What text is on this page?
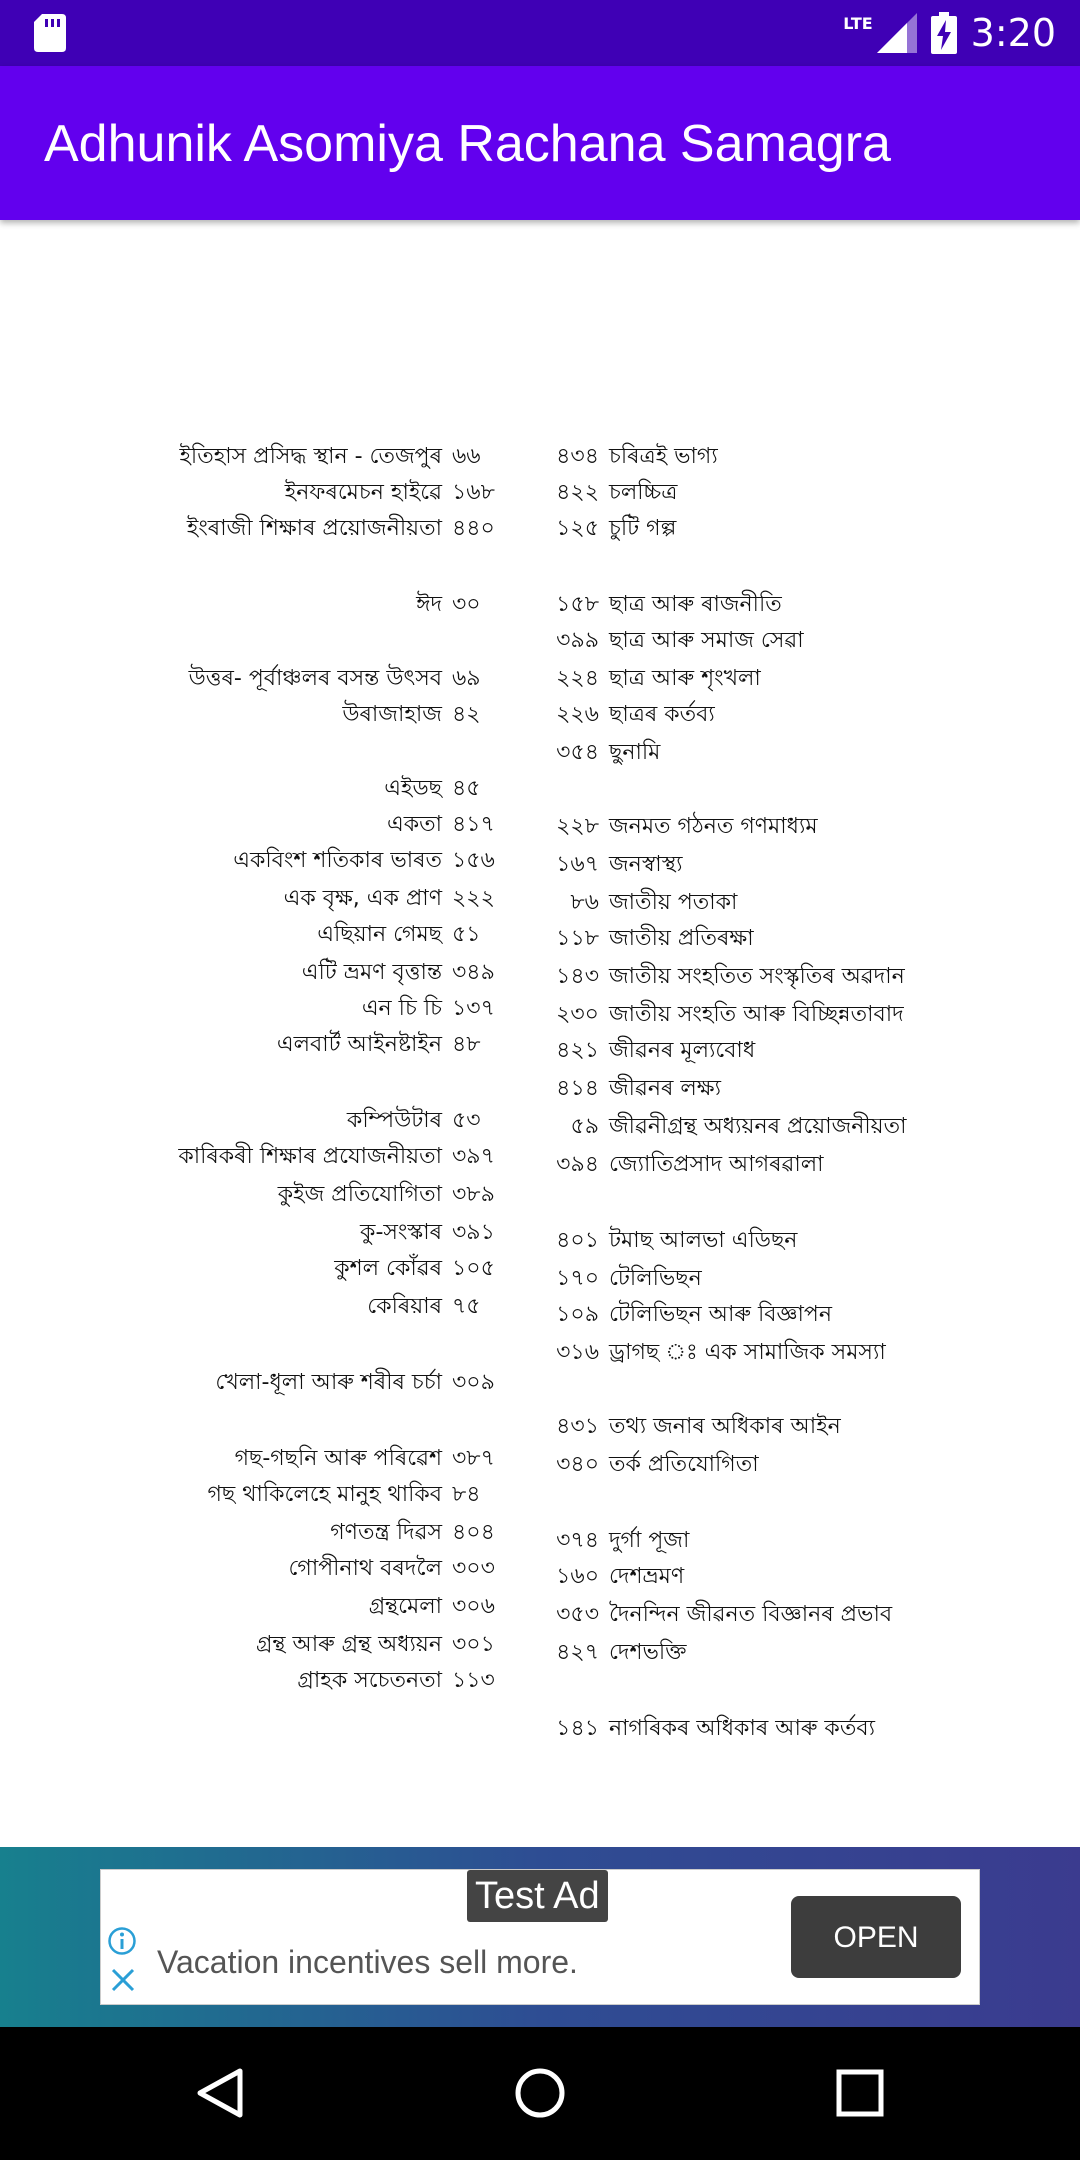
LTE	3:20
Adhunik Asomiya Rachana Samagra
ইতিহাস প্ৰসিদ্ধ স্থান - তেজপুৰ ৬৬
ইনফৰমেচন হাইৱে ১৬৮
ইংৰাজী শিক্ষাৰ প্ৰয়োজনীয়তা ৪৪০
ঈদ ৩০
উত্তৰ- পূৰ্বাঞ্চলৰ বসন্ত উৎসব ৬৯
উৰাজাহাজ ৪২
এইডছ ৪৫
একতা ৪১৭
একবিংশ শতিকাৰ ভাৰত ১৫৬
এক বৃক্ষ, এক প্ৰাণ ২২২
এছিয়ান গেমছ ৫১
এটি ভ্ৰমণ বৃত্তান্ত ৩৪৯
এন চি চি ১৩৭
এলবাৰ্ট আইনষ্টাইন ৪৮
কম্পিউটাৰ ৫৩
কাৰিকৰী শিক্ষাৰ প্ৰযোজনীয়তা ৩৯৭
কুইজ প্ৰতিযোগিতা ৩৮৯
কু-সংস্কাৰ ৩৯১
কুশল কোঁৱৰ ১০৫
কেৰিয়াৰ ৭৫
খেলা-ধূলা আৰু শৰীৰ চৰ্চা ৩০৯
গছ-গছনি আৰু পৰিৱেশ ৩৮৭
গছ থাকিলেহে মানুহ থাকিব ৮৪
গণতন্ত্ৰ দিৱস ৪০৪
গোপীনাথ বৰদলৈ ৩০৩
গ্ৰন্থমেলা ৩০৬
গ্ৰন্থ আৰু গ্ৰন্থ অধ্যয়ন ৩০১
গ্ৰাহক সচেতনতা ১১৩
৪৩৪ চৰিত্ৰই ভাগ্য
৪২২ চলচ্চিত্ৰ
১২৫ চুটি গল্প
১৫৮ ছাত্ৰ আৰু ৰাজনীতি
৩৯৯ ছাত্ৰ আৰু সমাজ সেৱা
২২৪ ছাত্ৰ আৰু শৃংখলা
২২৬ ছাত্ৰৰ কৰ্তব্য
৩৫৪ ছুনামি
২২৮ জনমত গঠনত গণমাধ্যম
১৬৭ জনস্বাস্থ্য
৮৬ জাতীয় পতাকা
১১৮ জাতীয় প্ৰতিৰক্ষা
১৪৩ জাতীয় সংহতিত সংস্কৃতিৰ অৱদান
২৩০ জাতীয় সংহতি আৰু বিচ্ছিন্নতাবাদ
৪২১ জীৱনৰ মূল্যবোধ
৪১৪ জীৱনৰ লক্ষ্য
৫৯ জীৱনীগ্ৰন্থ অধ্যয়নৰ প্ৰয়োজনীয়তা
৩৯৪ জ্যোতিপ্ৰসাদ আগৰৱালা
৪০১ টমাছ আলভা এডিছন
১৭০ টেলিভিছন
১০৯ টেলিভিছন আৰু বিজ্ঞাপন
৩১৬ ড্ৰাগছ ঃ এক সামাজিক সমস্যা
৪৩১ তথ্য জনাৰ অধিকাৰ আইন
৩৪০ তৰ্ক প্ৰতিযোগিতা
৩৭৪ দুৰ্গা পূজা
১৬০ দেশভ্ৰমণ
৩৫৩ দৈনন্দিন জীৱনত বিজ্ঞানৰ প্ৰভাব
৪২৭ দেশভক্তি
১৪১ নাগৰিকৰ অধিকাৰ আৰু কৰ্তব্য
Test Ad
Vacation incentives sell more.
OPEN
